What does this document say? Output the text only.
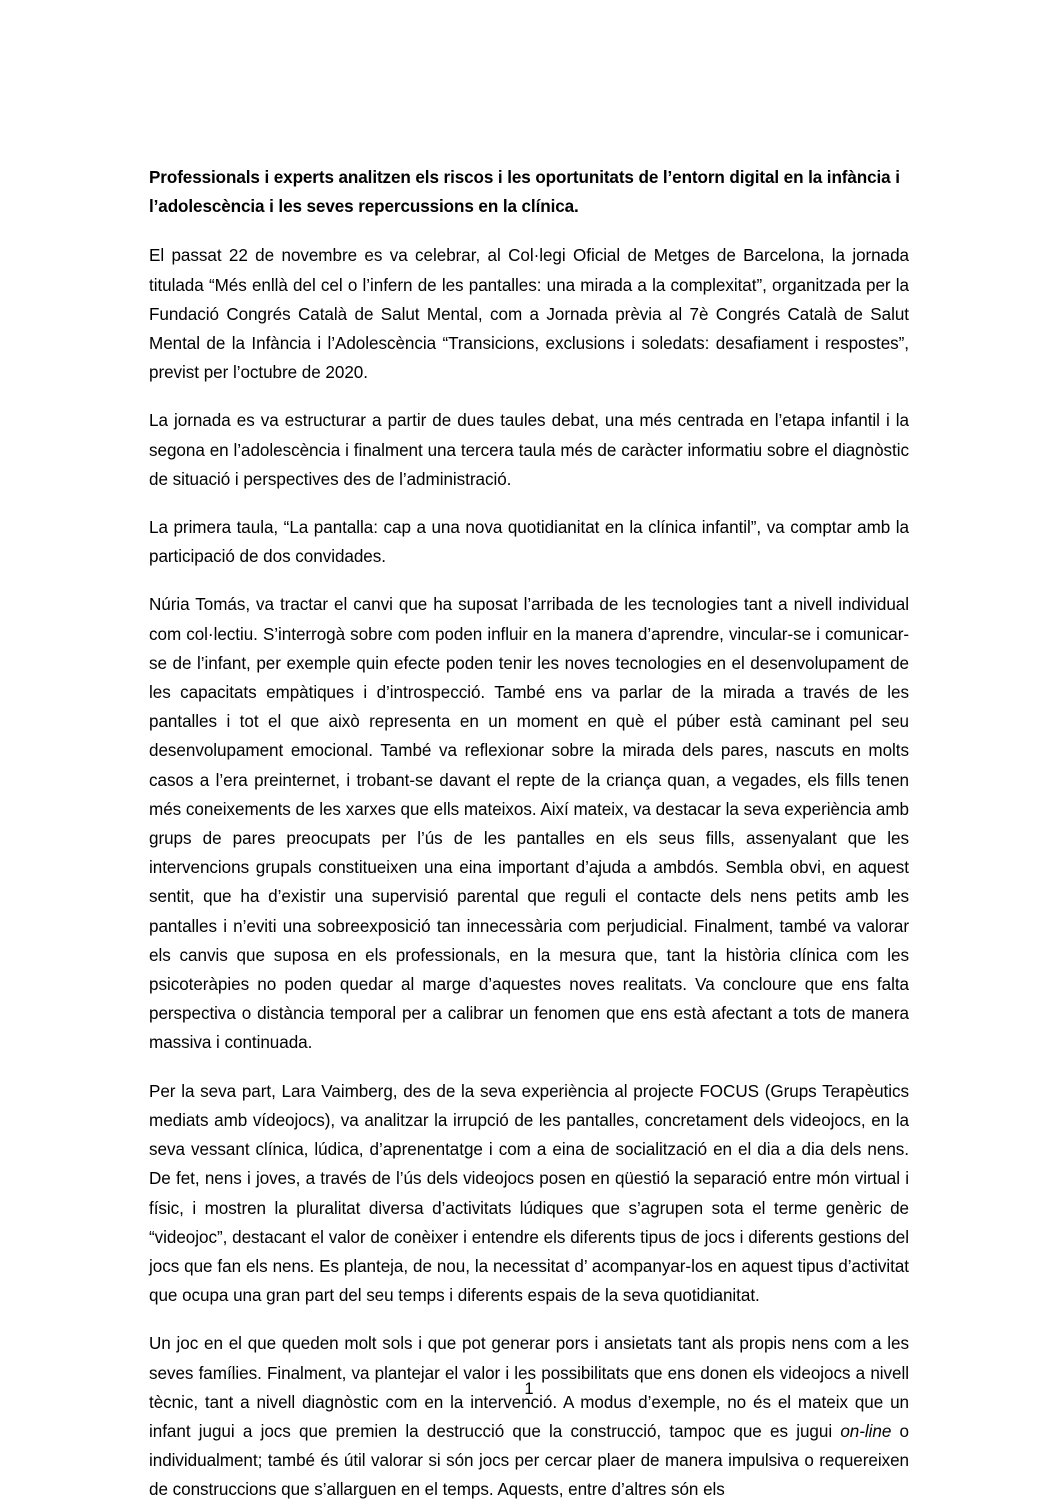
Professionals i experts analitzen els riscos i les oportunitats de l’entorn digital en la infància i l’adolescència i les seves repercussions en la clínica.

El passat 22 de novembre es va celebrar, al Col·legi Oficial de Metges de Barcelona, la jornada titulada “Més enllà del cel o l’infern de les pantalles: una mirada a la complexitat”, organitzada per la Fundació Congrés Català de Salut Mental, com a Jornada prèvia al 7è Congrés Català de Salut Mental de la Infància i l’Adolescència “Transicions, exclusions i soledats: desafiament i respostes”, previst per l’octubre de 2020.

La jornada es va estructurar a partir de dues taules debat, una més centrada en l’etapa infantil i la segona en l’adolescència i finalment una tercera taula més de caràcter informatiu sobre el diagnòstic de situació i perspectives des de l’administració.

La primera taula, “La pantalla: cap a una nova quotidianitat en la clínica infantil”, va comptar amb la participació de dos convidades.

Núria Tomás, va tractar el canvi que ha suposat l’arribada de les tecnologies tant a nivell individual com col·lectiu. S’interrogà sobre com poden influir en la manera d’aprendre, vincular-se i comunicar-se de l’infant, per exemple quin efecte poden tenir les noves tecnologies en el desenvolupament de les capacitats empàtiques i d’introspecció. També ens va parlar de la mirada a través de les pantalles i tot el que això representa en un moment en què el púber està caminant pel seu desenvolupament emocional. També va reflexionar sobre la mirada dels pares, nascuts en molts casos a l’era preinternet, i trobant-se davant el repte de la criança quan, a vegades, els fills tenen més coneixements de les xarxes que ells mateixos. Així mateix, va destacar la seva experiència amb grups de pares preocupats per l’ús de les pantalles en els seus fills, assenyalant que les intervencions grupals constitueixen una eina important d’ajuda a ambdós. Sembla obvi, en aquest sentit, que ha d’existir una supervisió parental que reguli el contacte dels nens petits amb les pantalles i n’eviti una sobreexposició tan innecessària com perjudicial. Finalment, també va valorar els canvis que suposa en els professionals, en la mesura que, tant la història clínica com les psicoteràpies no poden quedar al marge d’aquestes noves realitats. Va concloure que ens falta perspectiva o distància temporal per a calibrar un fenomen que ens està afectant a tots de manera massiva i continuada.

Per la seva part, Lara Vaimberg, des de la seva experiència al projecte FOCUS (Grups Terapèutics mediats amb vídeojocs), va analitzar la irrupció de les pantalles, concretament dels videojocs, en la seva vessant clínica, lúdica, d’aprenentatge i com a eina de socialització en el dia a dia dels nens. De fet, nens i joves, a través de l’ús dels videojocs posen en qüestió la separació entre món virtual i físic, i mostren la pluralitat diversa d’activitats lúdiques que s’agrupen sota el terme genèric de “videojoc”, destacant el valor de conèixer i entendre els diferents tipus de jocs i diferents gestions del jocs que fan els nens. Es planteja, de nou, la necessitat d’ acompanyar-los en aquest tipus d’activitat que ocupa una gran part del seu temps i diferents espais de la seva quotidianitat.

Un joc en el que queden molt sols i que pot generar pors i ansietats tant als propis nens com a les seves famílies. Finalment, va plantejar el valor i les possibilitats que ens donen els videojocs a nivell tècnic, tant a nivell diagnòstic com en la intervenció. A modus d’exemple, no és el mateix que un infant jugui a jocs que premien la destrucció que la construcció, tampoc que es jugui on-line o individualment; també és útil valorar si són jocs per cercar plaer de manera impulsiva o requereixen de construccions que s’allarguen en el temps. Aquests, entre d’altres són els

1
